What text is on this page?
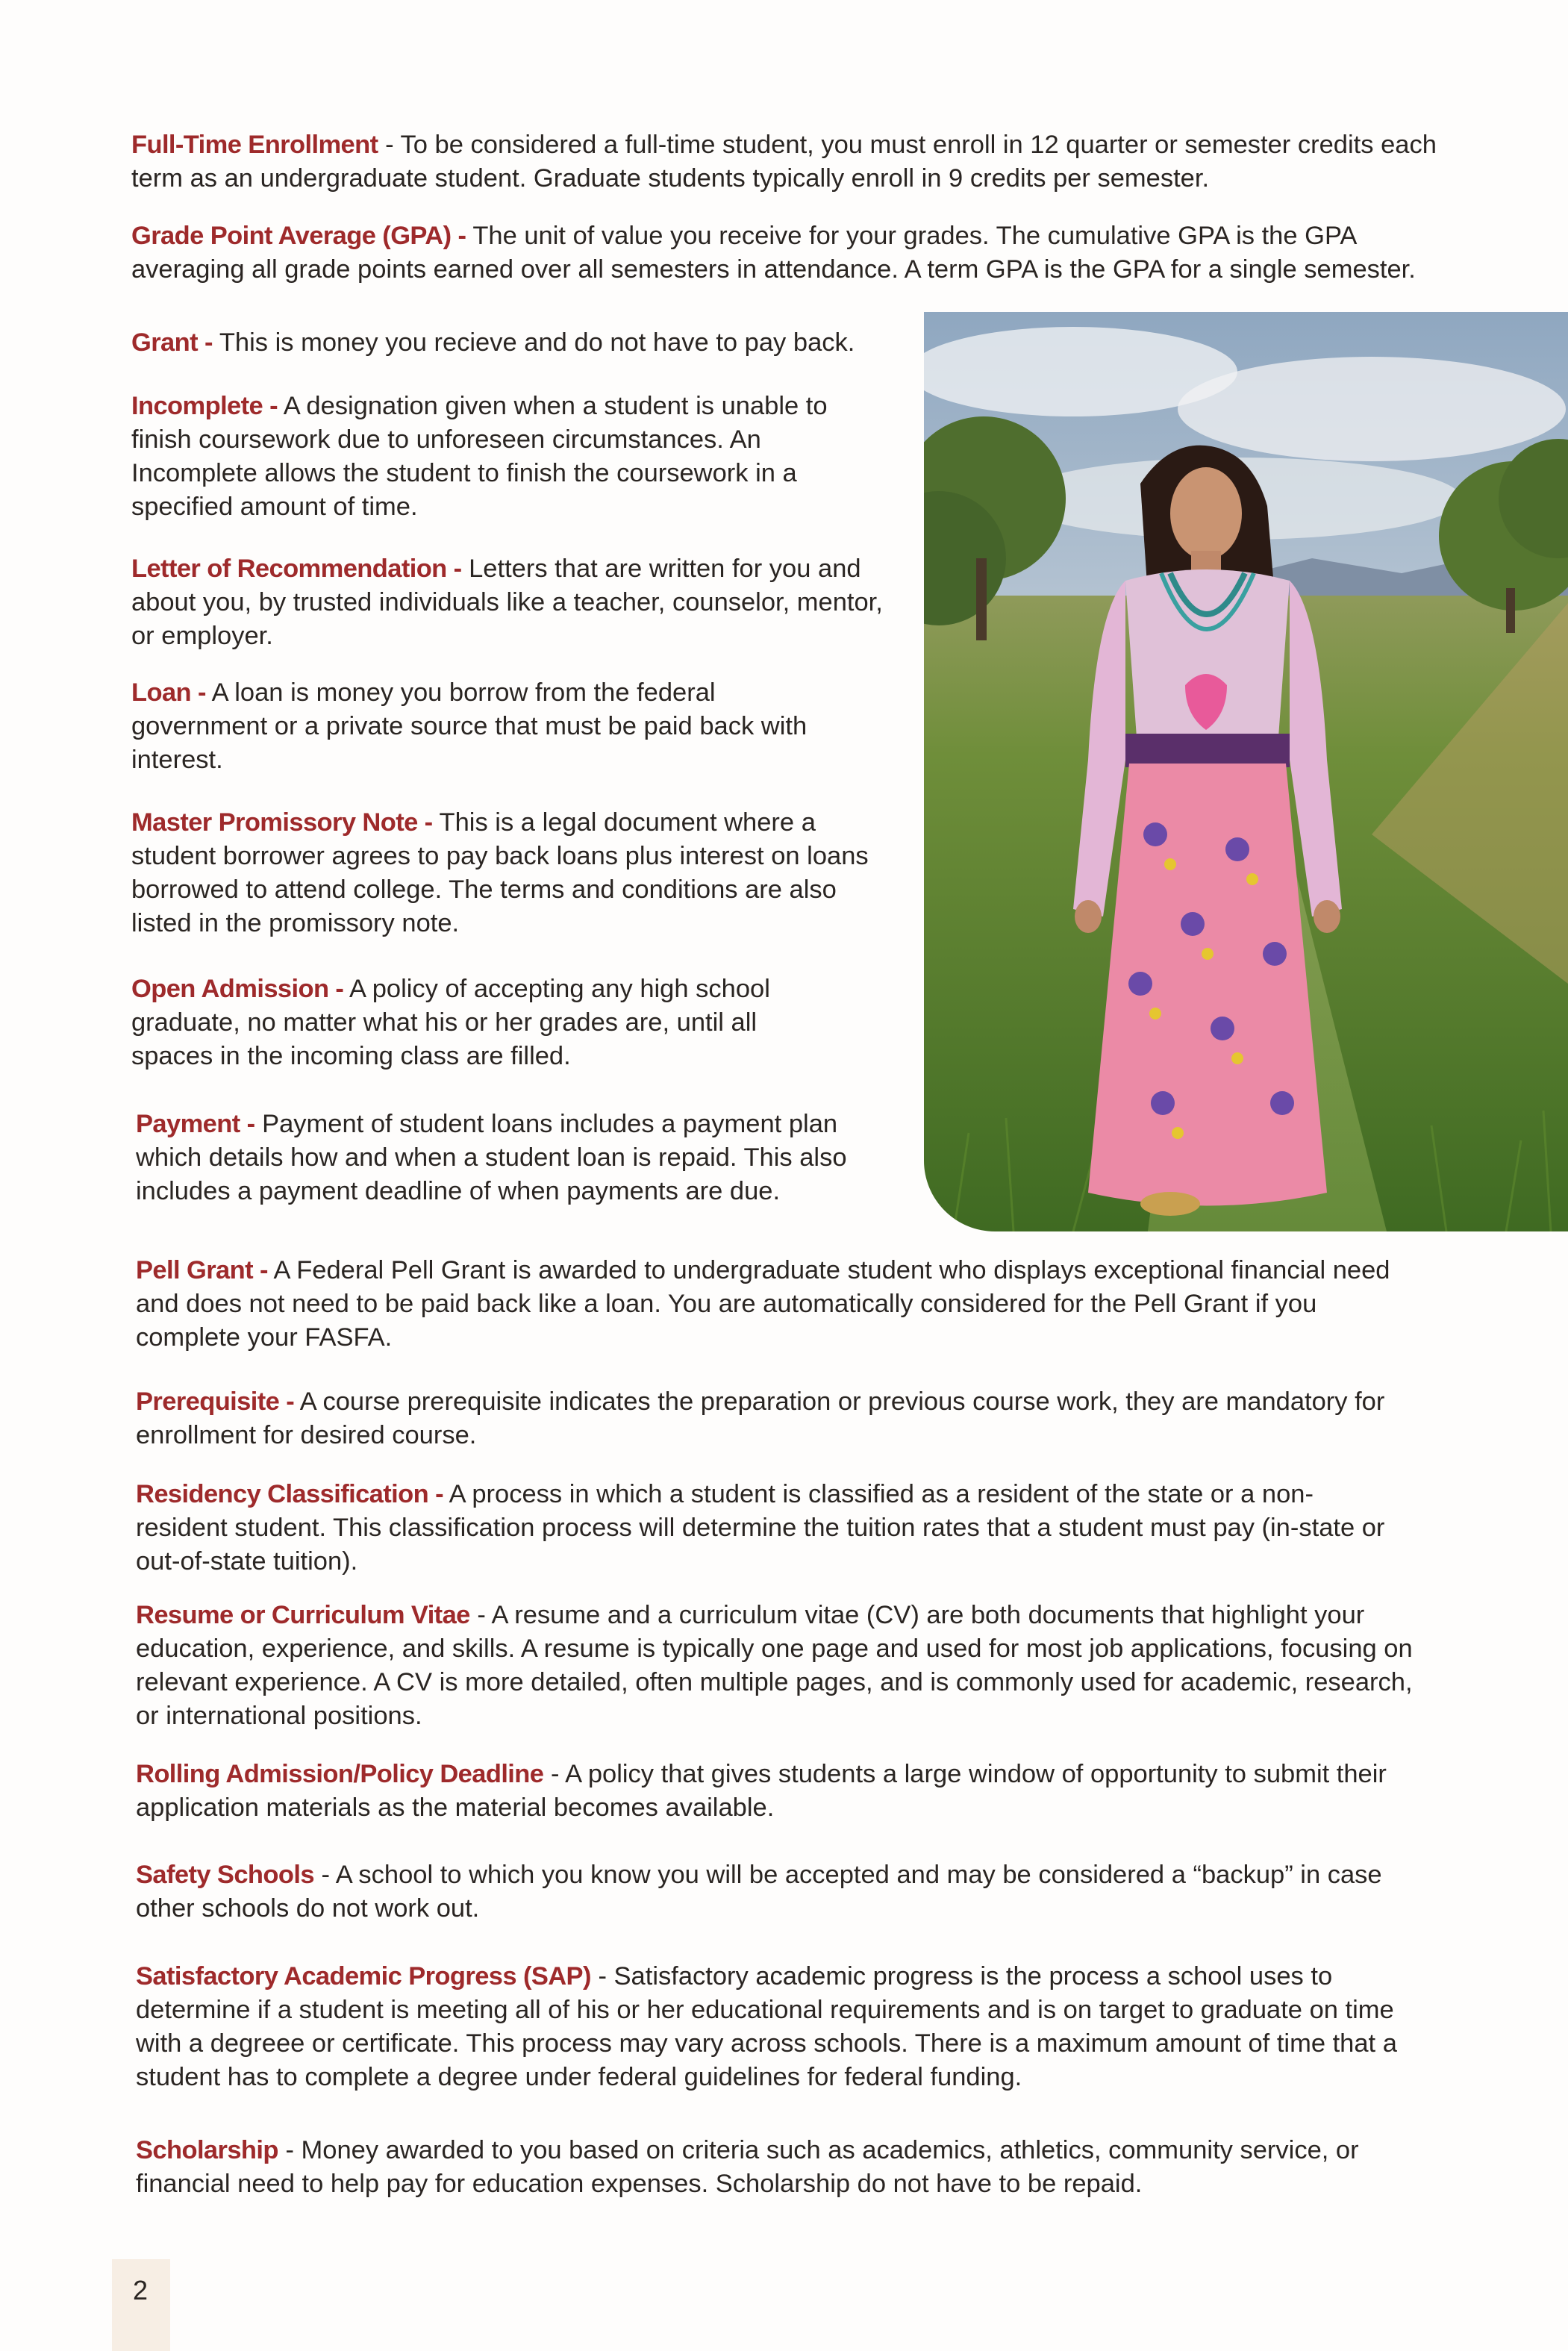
Full-Time Enrollment - To be considered a full-time student, you must enroll in 12 quarter or semester credits each term as an undergraduate student. Graduate students typically enroll in 9 credits per semester.

Grade Point Average (GPA) - The unit of value you receive for your grades. The cumulative GPA is the GPA averaging all grade points earned over all semesters in attendance. A term GPA is the GPA for a single semester.

Grant - This is money you recieve and do not have to pay back.

Incomplete - A designation given when a student is unable to finish coursework due to unforeseen circumstances. An Incomplete allows the student to finish the coursework in a specified amount of time.

Letter of Recommendation - Letters that are written for you and about you, by trusted individuals like a teacher, counselor, mentor, or employer.

Loan - A loan is money you borrow from the federal government or a private source that must be paid back with interest.

Master Promissory Note - This is a legal document where a student borrower agrees to pay back loans plus interest on loans borrowed to attend college. The terms and conditions are also listed in the promissory note.

Open Admission - A policy of accepting any high school graduate, no matter what his or her grades are, until all spaces in the incoming class are filled.

Payment - Payment of student loans includes a payment plan which details how and when a student loan is repaid. This also includes a payment deadline of when payments are due.

Pell Grant - A Federal Pell Grant is awarded to undergraduate student who displays exceptional financial need and does not need to be paid back like a loan. You are automatically considered for the Pell Grant if you complete your FASFA.

Prerequisite - A course prerequisite indicates the preparation or previous course work, they are mandatory for enrollment for desired course.

Residency Classification - A process in which a student is classified as a resident of the state or a non-resident student. This classification process will determine the tuition rates that a student must pay (in-state or out-of-state tuition).

Resume or Curriculum Vitae - A resume and a curriculum vitae (CV) are both documents that highlight your education, experience, and skills. A resume is typically one page and used for most job applications, focusing on relevant experience. A CV is more detailed, often multiple pages, and is commonly used for academic, research, or international positions.

Rolling Admission/Policy Deadline - A policy that gives students a large window of opportunity to submit their application materials as the material becomes available.

Safety Schools - A school to which you know you will be accepted and may be considered a “backup” in case other schools do not work out.

Satisfactory Academic Progress (SAP) - Satisfactory academic progress is the process a school uses to determine if a student is meeting all of his or her educational requirements and is on target to graduate on time with a degreee or certificate. This process may vary across schools. There is a maximum amount of time that a student has to complete a degree under federal guidelines for federal funding.

Scholarship - Money awarded to you based on criteria such as academics, athletics, community service, or financial need to help pay for education expenses. Scholarship do not have to be repaid.

2
